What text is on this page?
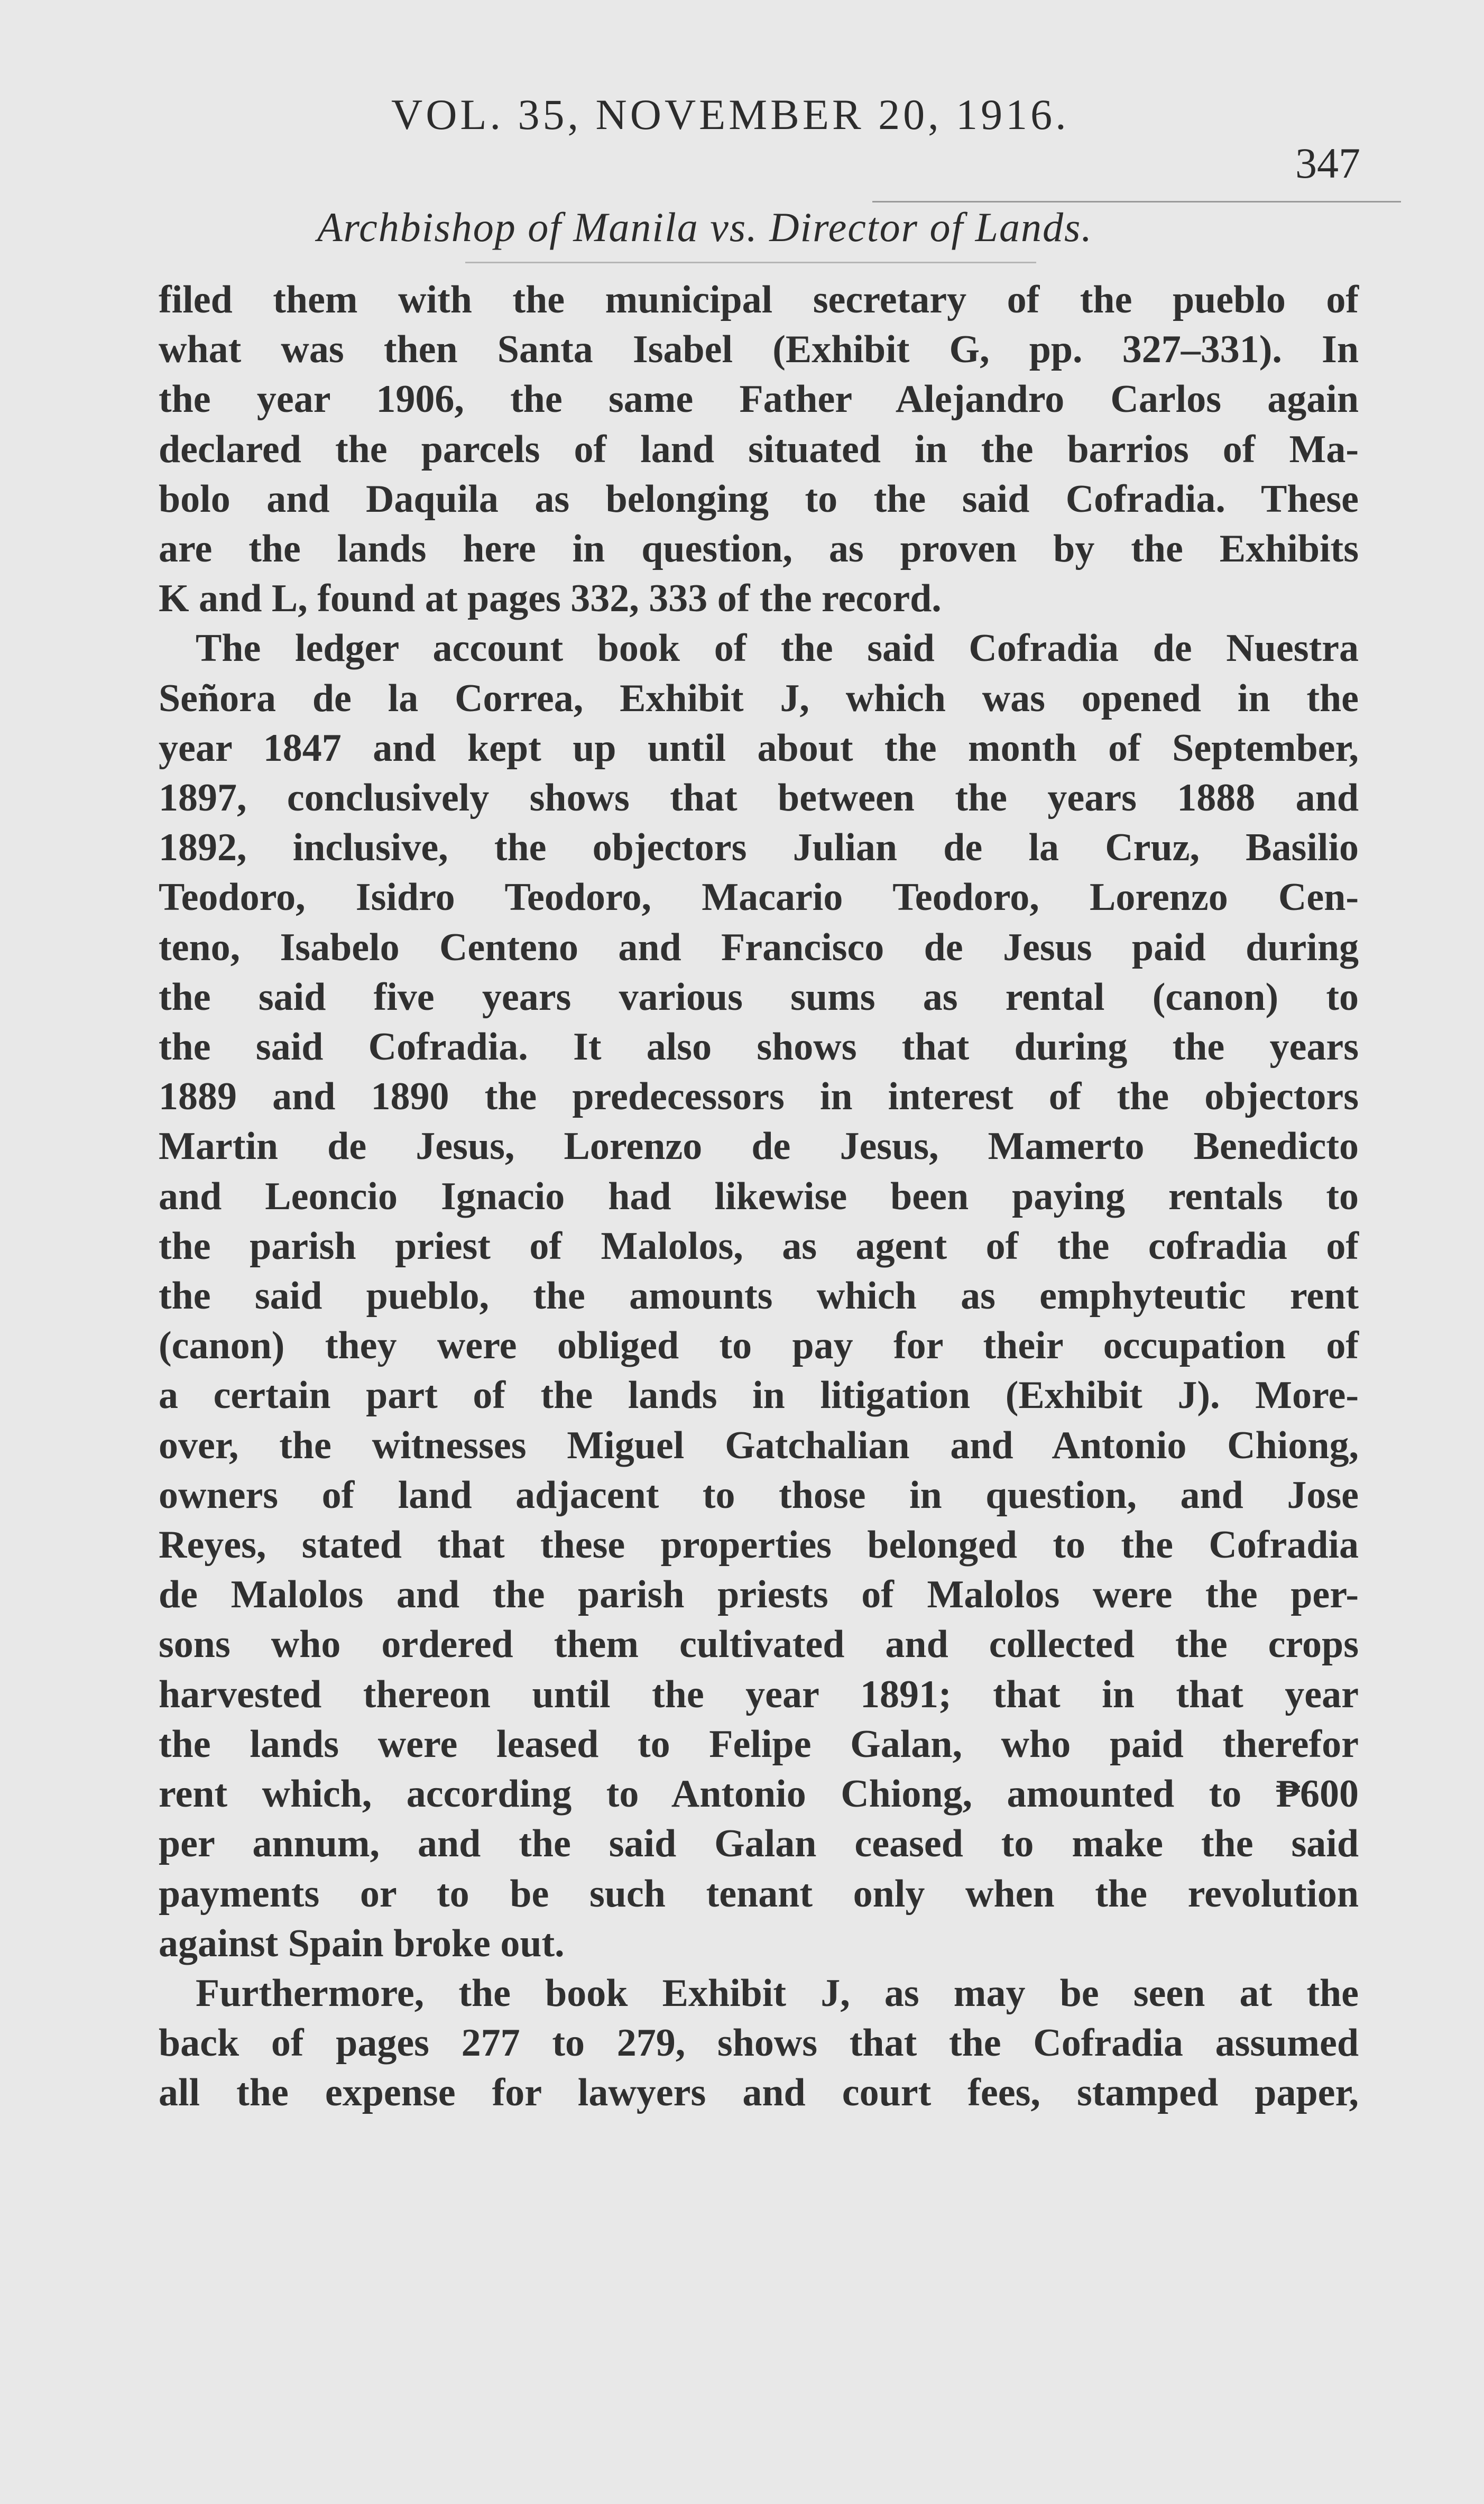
VOL. 35, NOVEMBER 20, 1916.
347
Archbishop of Manila vs. Director of Lands.
filed them with the municipal secretary of the pueblo of
what was then Santa Isabel (Exhibit G, pp. 327–331). In
the year 1906, the same Father Alejandro Carlos again
declared the parcels of land situated in the barrios of Ma-
bolo and Daquila as belonging to the said Cofradia. These
are the lands here in question, as proven by the Exhibits
K and L, found at pages 332, 333 of the record.
The ledger account book of the said Cofradia de Nuestra
Señora de la Correa, Exhibit J, which was opened in the
year 1847 and kept up until about the month of September,
1897, conclusively shows that between the years 1888 and
1892, inclusive, the objectors Julian de la Cruz, Basilio
Teodoro, Isidro Teodoro, Macario Teodoro, Lorenzo Cen-
teno, Isabelo Centeno and Francisco de Jesus paid during
the said five years various sums as rental (canon) to
the said Cofradia. It also shows that during the years
1889 and 1890 the predecessors in interest of the objectors
Martin de Jesus, Lorenzo de Jesus, Mamerto Benedicto
and Leoncio Ignacio had likewise been paying rentals to
the parish priest of Malolos, as agent of the cofradia of
the said pueblo, the amounts which as emphyteutic rent
(canon) they were obliged to pay for their occupation of
a certain part of the lands in litigation (Exhibit J). More-
over, the witnesses Miguel Gatchalian and Antonio Chiong,
owners of land adjacent to those in question, and Jose
Reyes, stated that these properties belonged to the Cofradia
de Malolos and the parish priests of Malolos were the per-
sons who ordered them cultivated and collected the crops
harvested thereon until the year 1891; that in that year
the lands were leased to Felipe Galan, who paid therefor
rent which, according to Antonio Chiong, amounted to ₱600
per annum, and the said Galan ceased to make the said
payments or to be such tenant only when the revolution
against Spain broke out.
Furthermore, the book Exhibit J, as may be seen at the
back of pages 277 to 279, shows that the Cofradia assumed
all the expense for lawyers and court fees, stamped paper,
